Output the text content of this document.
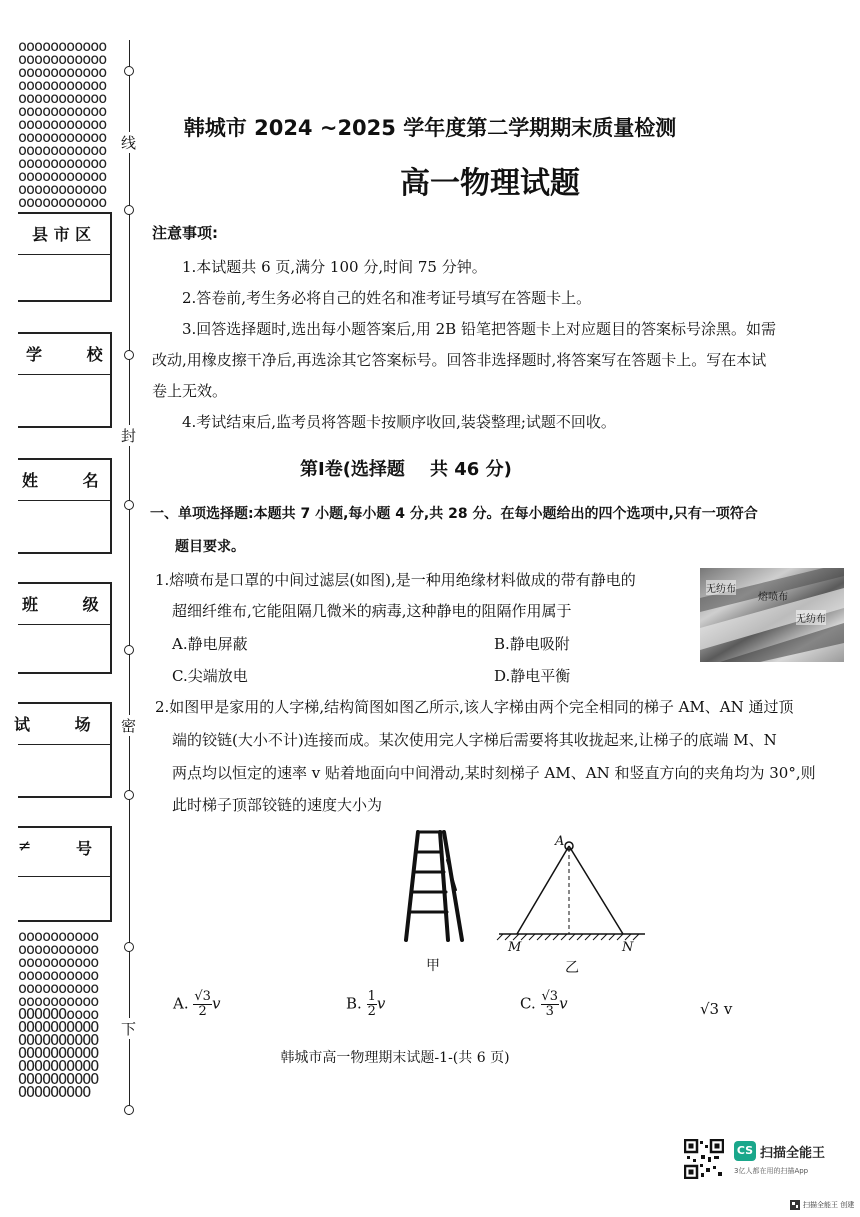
ooooooooooo
ooooooooooo
ooooooooooo
ooooooooooo
ooooooooooo
ooooooooooo
ooooooooooo
ooooooooooo
ooooooooooo
ooooooooooo
ooooooooooo
ooooooooooo
ooooooooooo
线
封
密
下
县 市 区
学        校
姓        名
班        级
试        场
≠	号
oooooooooo
oooooooooo
oooooooooo
oooooooooo
oooooooooo
oooooooooo
OOOOOOoooo
OOOOOOOOOO
OOOOOOOOOO
OOOOOOOOOO
OOOOOOOOOO
OOOOOOOOOO
OOOOOOOOO
韩城市 2024 ~2025 学年度第二学期期末质量检测
高一物理试题
注意事项:
1.本试题共 6 页,满分 100 分,时间 75 分钟。
2.答卷前,考生务必将自己的姓名和准考证号填写在答题卡上。
3.回答选择题时,选出每小题答案后,用 2B 铅笔把答题卡上对应题目的答案标号涂黑。如需
改动,用橡皮擦干净后,再选涂其它答案标号。回答非选择题时,将答案写在答题卡上。写在本试
卷上无效。
4.考试结束后,监考员将答题卡按顺序收回,装袋整理;试题不回收。
第Ⅰ卷(选择题    共 46 分)
一、单项选择题:本题共 7 小题,每小题 4 分,共 28 分。在每小题给出的四个选项中,只有一项符合
题目要求。
1.熔喷布是口罩的中间过滤层(如图),是一种用绝缘材料做成的带有静电的
超细纤维布,它能阻隔几微米的病毒,这种静电的阻隔作用属于
A.静电屏蔽	B.静电吸附
C.尖端放电	D.静电平衡
无纺布
熔喷布
无纺布
2.如图甲是家用的人字梯,结构简图如图乙所示,该人字梯由两个完全相同的梯子 AM、AN 通过顶
端的铰链(大小不计)连接而成。某次使用完人字梯后需要将其收拢起来,让梯子的底端 M、N
两点均以恒定的速率 v 贴着地面向中间滑动,某时刻梯子 AM、AN 和竖直方向的夹角均为 30°,则
此时梯子顶部铰链的速度大小为
甲
A
M	N
乙
A. $\frac{√3}{2}$ v	B. $\frac{1}{2}$ v	C. $\frac{√3}{3}$ v	√3 v
韩城市高一物理期末试题-1-(共 6 页)
CS 扫描全能王
3亿人都在用的扫描App
扫描全能王 创建
